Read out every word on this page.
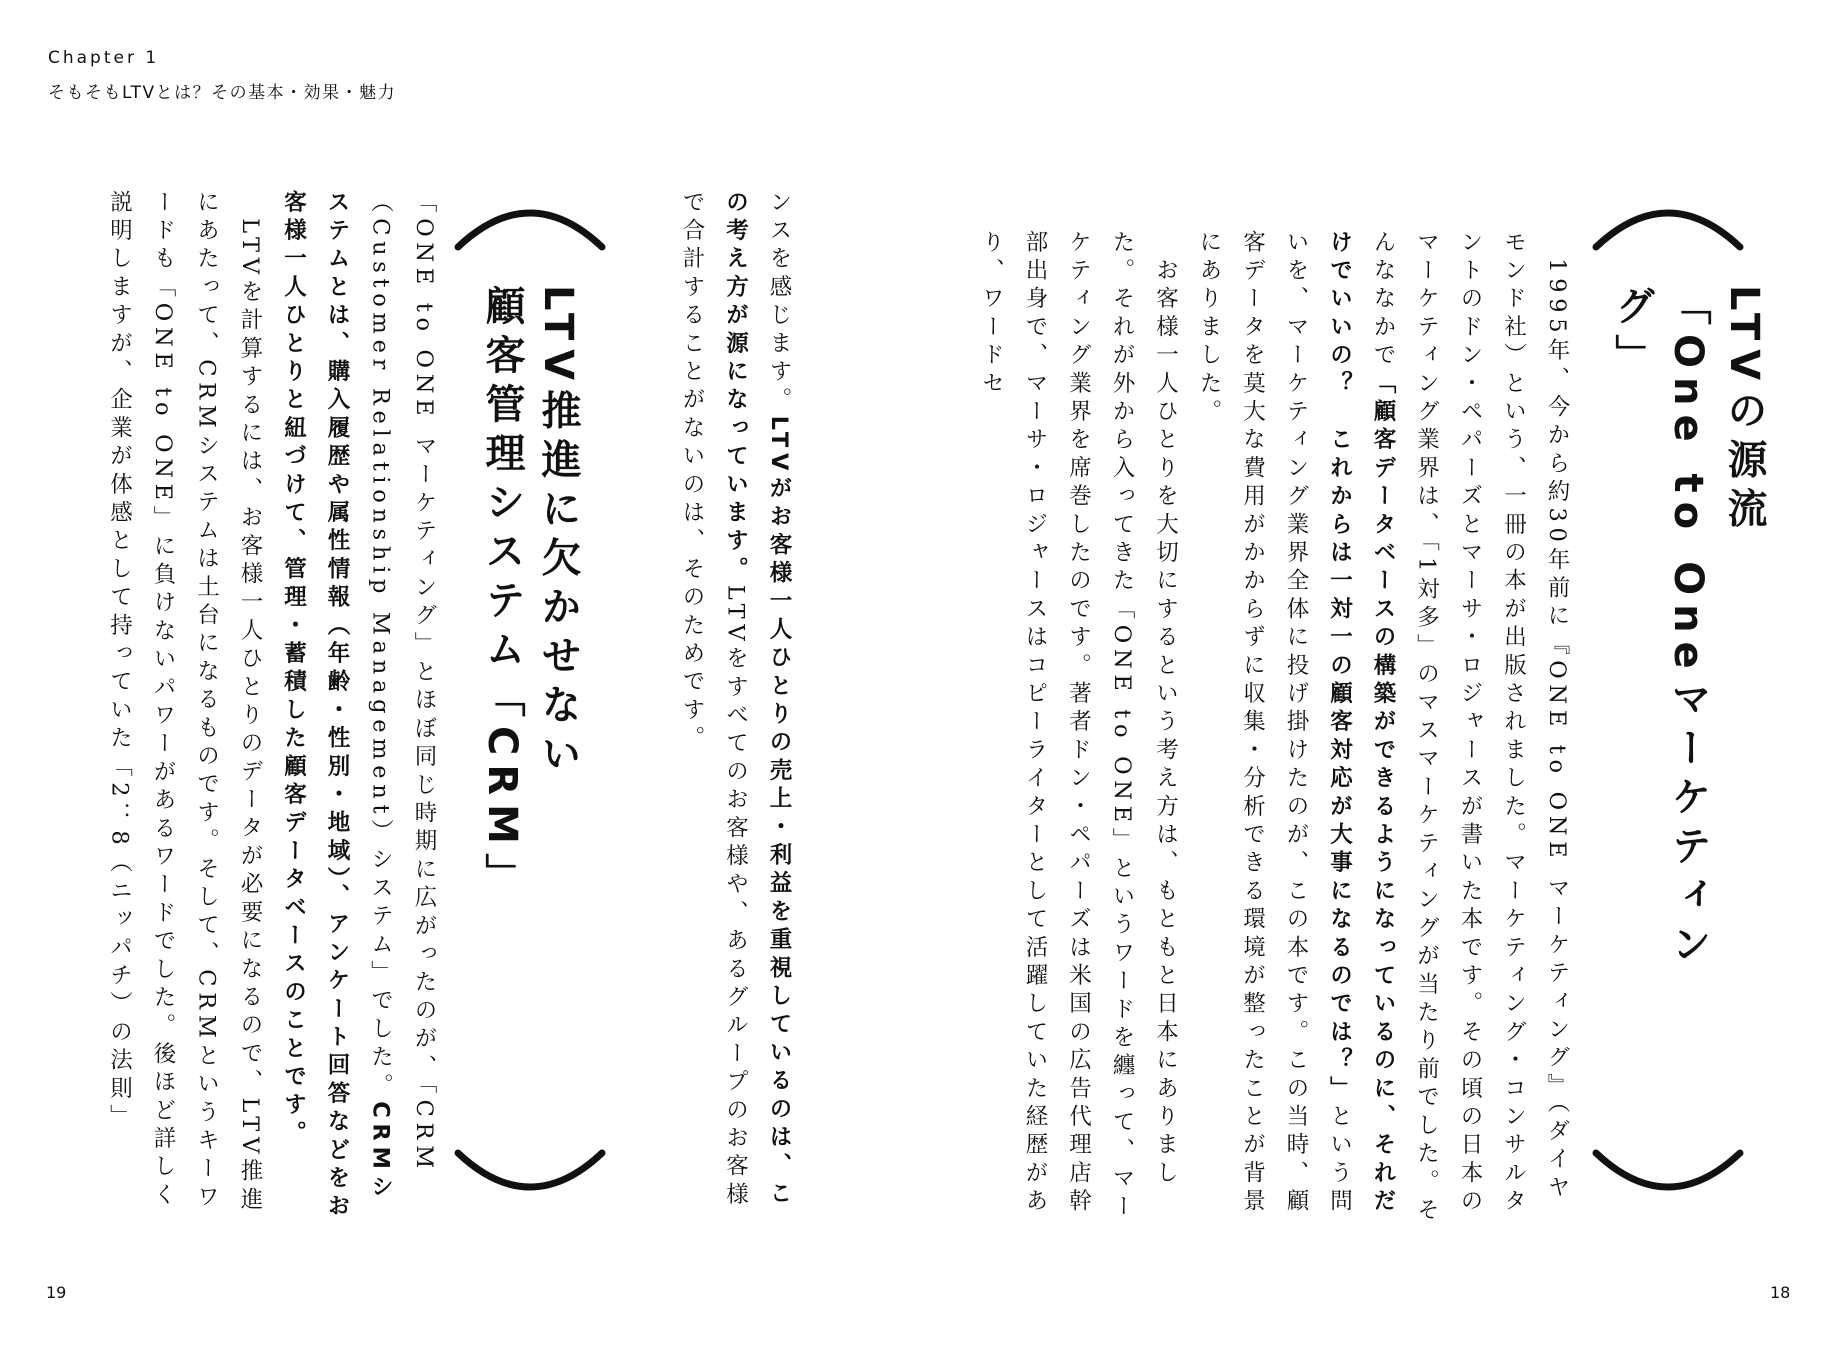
Chapter 1
そもそもLTVとは？その基本・効果・魅力
LTVの源流
「One to Oneマーケティング」

　1995年、今から約30年前に『ONE to ONE マーケティング』（ダイヤモンド社）という、一冊の本が出版されました。マーケティング・コンサルタントのドン・ペパーズとマーサ・ロジャースが書いた本です。その頃の日本のマーケティング業界は、「1対多」のマスマーケティングが当たり前でした。そんななかで「顧客データベースの構築ができるようになっているのに、それだけでいいの？　これからは一対一の顧客対応が大事になるのでは？」という問いを、マーケティング業界全体に投げ掛けたのが、この本です。この当時、顧客データを莫大な費用がかからずに収集・分析できる環境が整ったことが背景にありました。

　お客様一人ひとりを大切にするという考え方は、もともと日本にありました。それが外から入ってきた「ONE to ONE」というワードを纏って、マーケティング業界を席巻したのです。著者ドン・ペパーズは米国の広告代理店幹部出身で、マーサ・ロジャースはコピーライターとして活躍していた経歴があり、ワードセ

18

ンスを感じます。LTVがお客様一人ひとりの売上・利益を重視しているのは、この考え方が源になっています。LTVをすべてのお客様や、あるグループのお客様で合計することがないのは、そのためです。

LTV推進に欠かせない
顧客管理システム「CRM」

「ONE to ONE マーケティング」とほぼ同じ時期に広がったのが、「CRM（Customer Relationship Management）システム」でした。CRMシステムとは、購入履歴や属性情報（年齢・性別・地域）、アンケート回答などをお客様一人ひとりと紐づけて、管理・蓄積した顧客データベースのことです。

　LTVを計算するには、お客様一人ひとりのデータが必要になるので、LTV推進にあたって、CRMシステムは土台になるものです。そして、CRMというキーワードも「ONE to ONE」に負けないパワーがあるワードでした。後ほど詳しく説明しますが、企業が体感として持っていた「2：8（ニッパチ）の法則」

19
